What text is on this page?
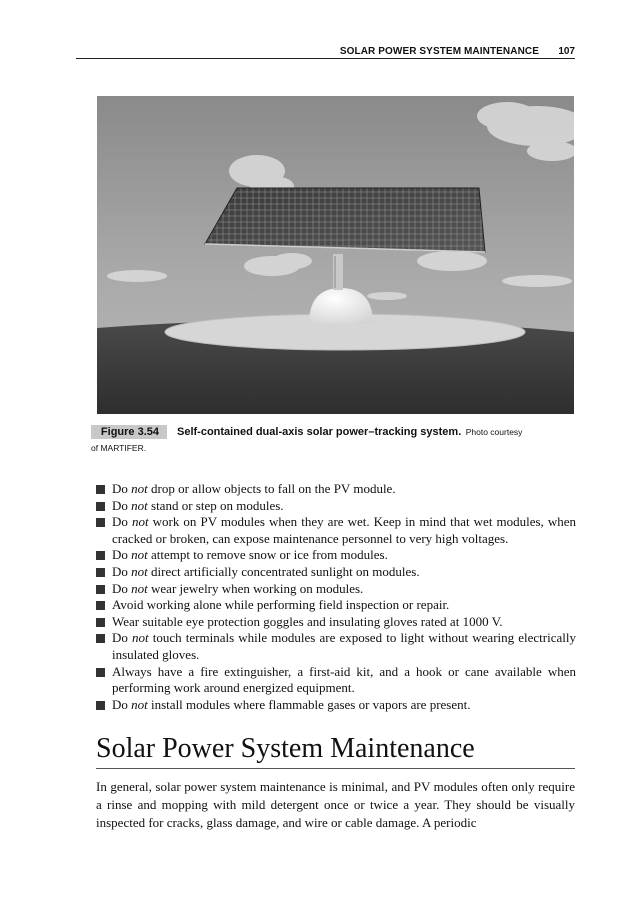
SOLAR POWER SYSTEM MAINTENANCE 107
Figure 3.54 Self-contained dual-axis solar power–tracking system. Photo courtesy
of MARTIFER.
Do not drop or allow objects to fall on the PV module.
Do not stand or step on modules.
Do not work on PV modules when they are wet. Keep in mind that wet modules, when cracked or broken, can expose maintenance personnel to very high voltages.
Do not attempt to remove snow or ice from modules.
Do not direct artificially concentrated sunlight on modules.
Do not wear jewelry when working on modules.
Avoid working alone while performing field inspection or repair.
Wear suitable eye protection goggles and insulating gloves rated at 1000 V.
Do not touch terminals while modules are exposed to light without wearing electrically insulated gloves.
Always have a fire extinguisher, a first-aid kit, and a hook or cane available when performing work around energized equipment.
Do not install modules where flammable gases or vapors are present.
Solar Power System Maintenance

In general, solar power system maintenance is minimal, and PV modules often only require a rinse and mopping with mild detergent once or twice a year. They should be visually inspected for cracks, glass damage, and wire or cable damage. A periodic
